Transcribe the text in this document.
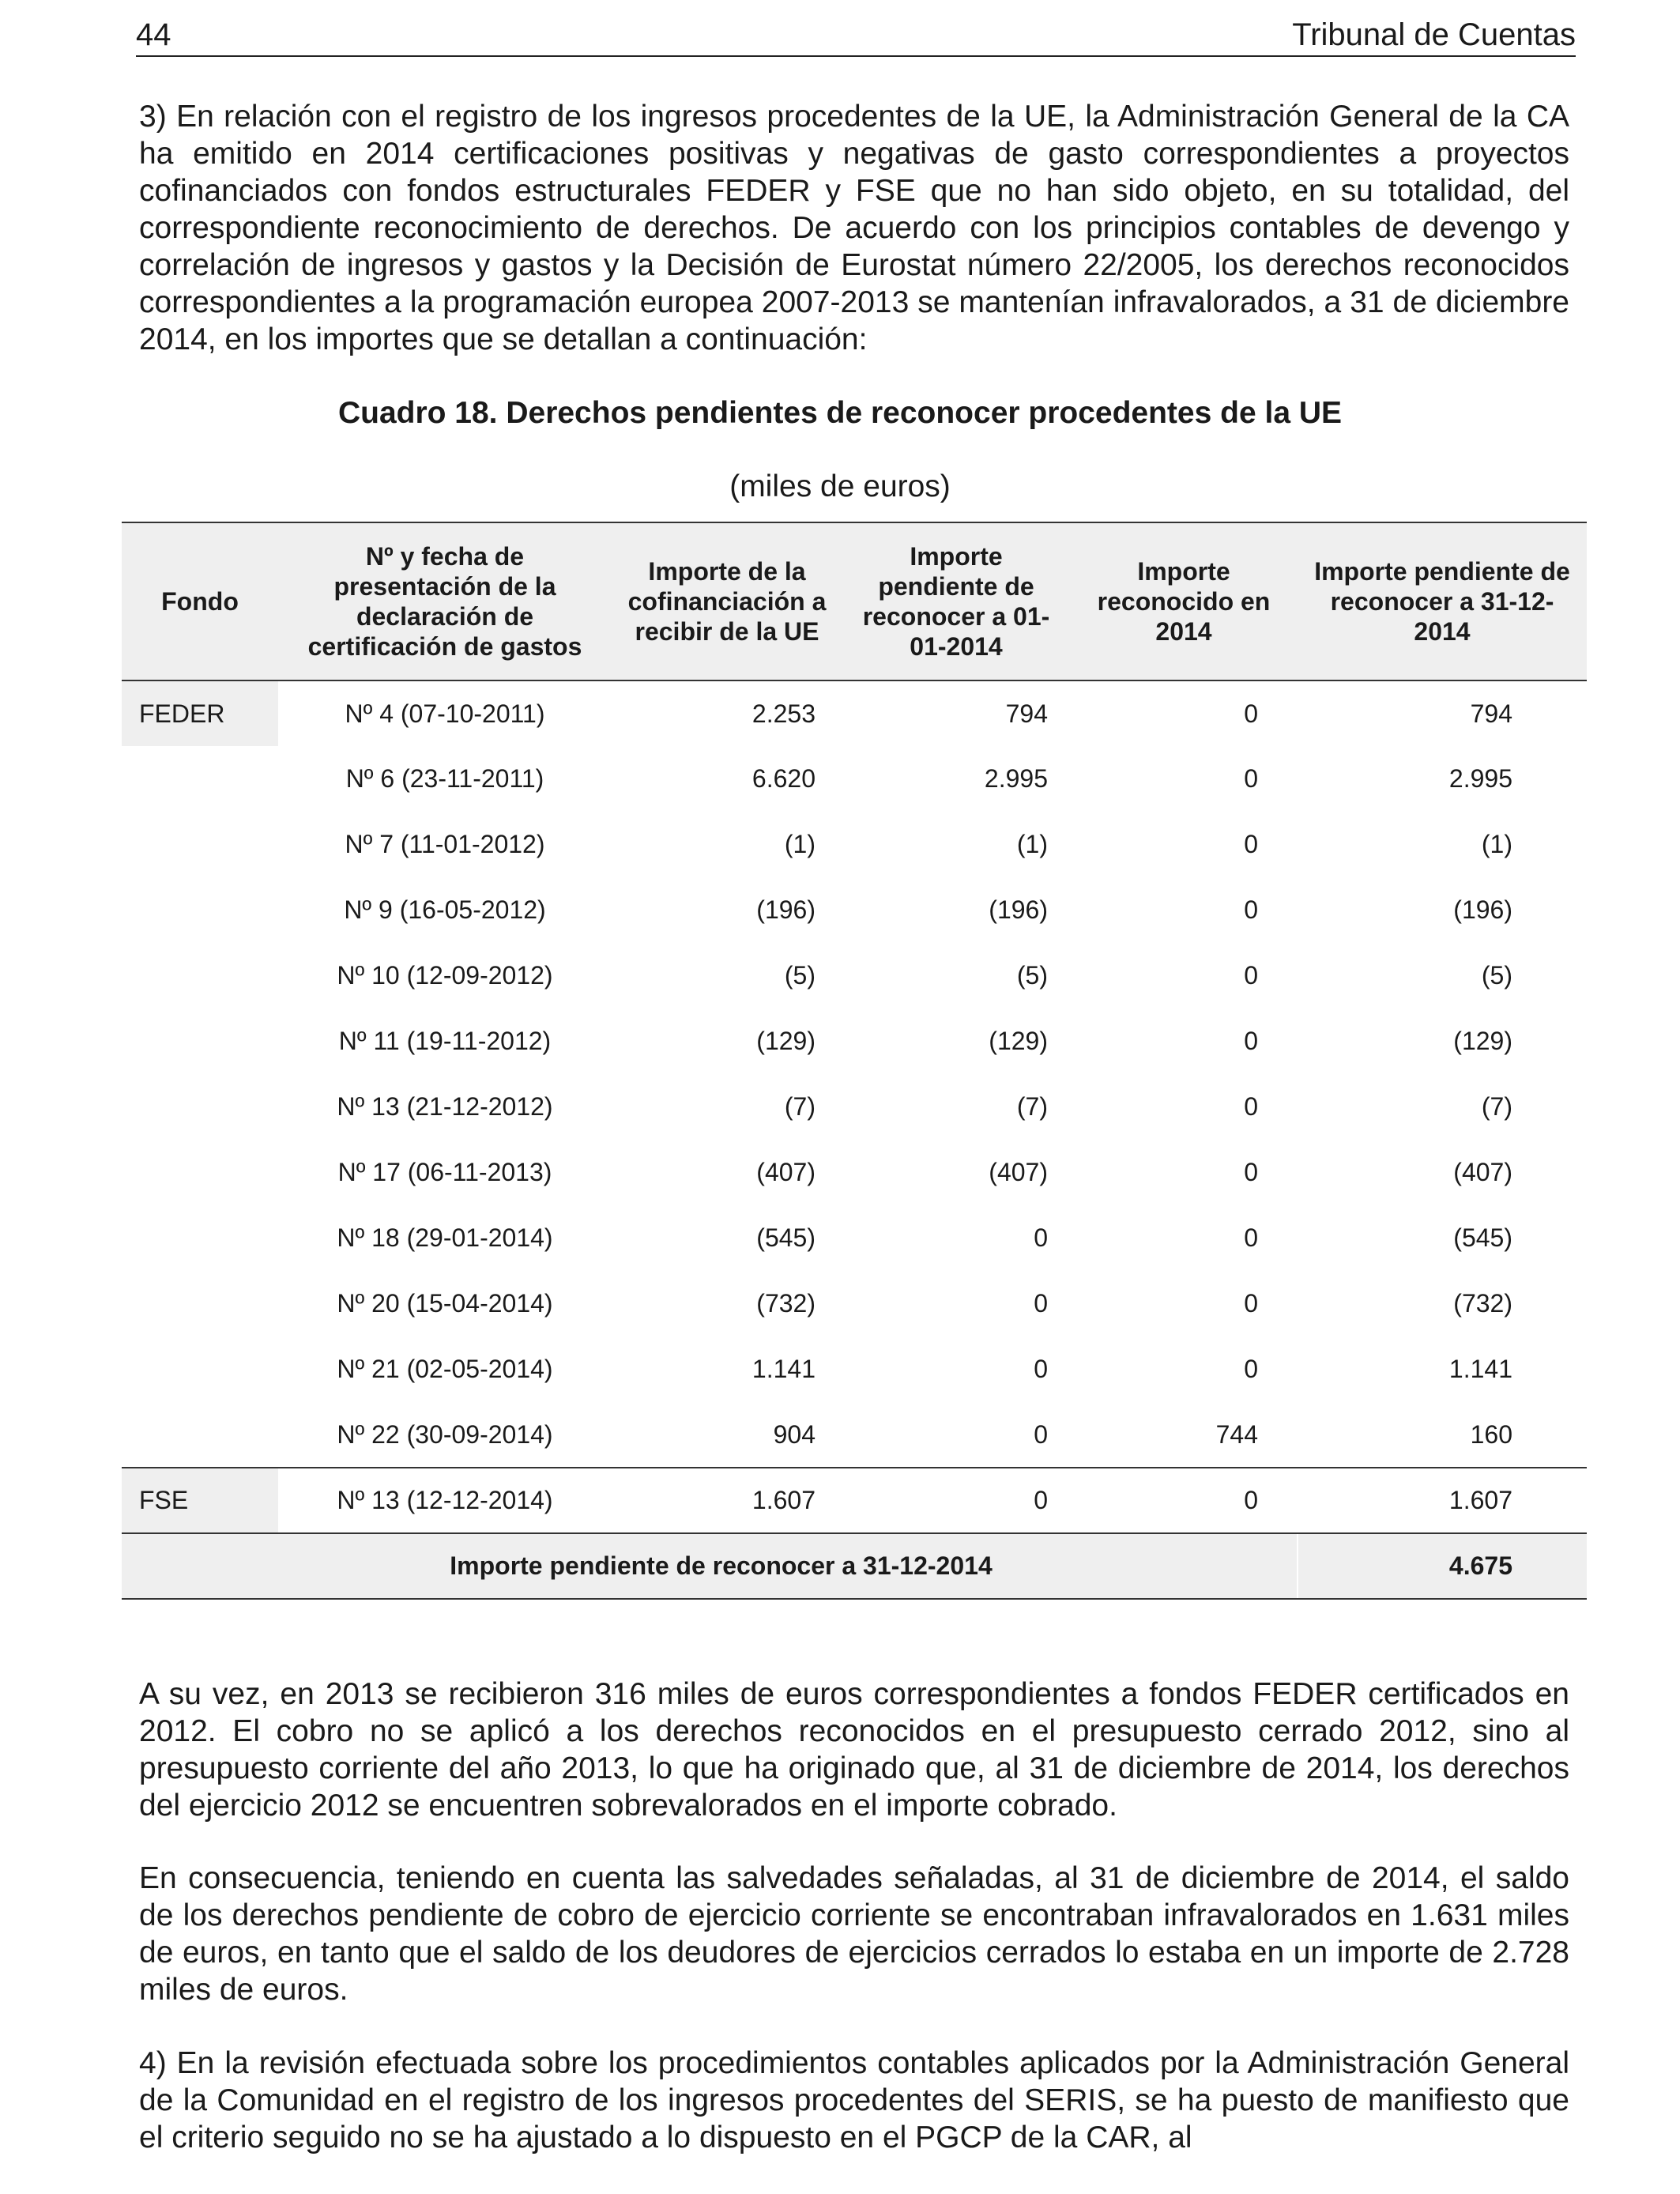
44	Tribunal de Cuentas

3) En relación con el registro de los ingresos procedentes de la UE, la Administración General de la CA ha emitido en 2014 certificaciones positivas y negativas de gasto correspondientes a proyectos cofinanciados con fondos estructurales FEDER y FSE que no han sido objeto, en su totalidad, del correspondiente reconocimiento de derechos. De acuerdo con los principios contables de devengo y correlación de ingresos y gastos y la Decisión de Eurostat número 22/2005, los derechos reconocidos correspondientes a la programación europea 2007-2013 se mantenían infravalorados, a 31 de diciembre 2014, en los importes que se detallan a continuación:

Cuadro 18. Derechos pendientes de reconocer procedentes de la UE
(miles de euros)
Fondo	Nº y fecha de presentación de la declaración de certificación de gastos	Importe de la cofinanciación a recibir de la UE	Importe pendiente de reconocer a 01-01-2014	Importe reconocido en 2014	Importe pendiente de reconocer a 31-12-2014
FEDER	Nº 4 (07-10-2011)	2.253	794	0	794
	Nº 6 (23-11-2011)	6.620	2.995	0	2.995
	Nº 7 (11-01-2012)	(1)	(1)	0	(1)
	Nº 9 (16-05-2012)	(196)	(196)	0	(196)
	Nº 10 (12-09-2012)	(5)	(5)	0	(5)
	Nº 11 (19-11-2012)	(129)	(129)	0	(129)
	Nº 13 (21-12-2012)	(7)	(7)	0	(7)
	Nº 17 (06-11-2013)	(407)	(407)	0	(407)
	Nº 18 (29-01-2014)	(545)	0	0	(545)
	Nº 20 (15-04-2014)	(732)	0	0	(732)
	Nº 21 (02-05-2014)	1.141	0	0	1.141
	Nº 22 (30-09-2014)	904	0	744	160
FSE	Nº 13 (12-12-2014)	1.607	0	0	1.607
Importe pendiente de reconocer a 31-12-2014					4.675

A su vez, en 2013 se recibieron 316 miles de euros correspondientes a fondos FEDER certificados en 2012. El cobro no se aplicó a los derechos reconocidos en el presupuesto cerrado 2012, sino al presupuesto corriente del año 2013, lo que ha originado que, al 31 de diciembre de 2014, los derechos del ejercicio 2012 se encuentren sobrevalorados en el importe cobrado.

En consecuencia, teniendo en cuenta las salvedades señaladas, al 31 de diciembre de 2014, el saldo de los derechos pendiente de cobro de ejercicio corriente se encontraban infravalorados en 1.631 miles de euros, en tanto que el saldo de los deudores de ejercicios cerrados lo estaba en un importe de 2.728 miles de euros.

4) En la revisión efectuada sobre los procedimientos contables aplicados por la Administración General de la Comunidad en el registro de los ingresos procedentes del SERIS, se ha puesto de manifiesto que el criterio seguido no se ha ajustado a lo dispuesto en el PGCP de la CAR, al
